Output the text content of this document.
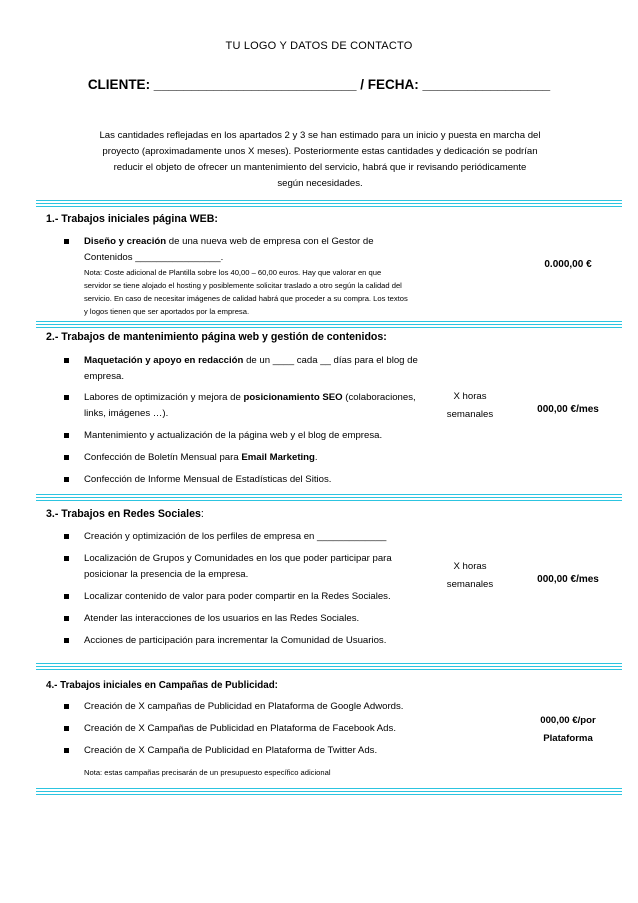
TU LOGO Y DATOS DE CONTACTO
CLIENTE: ___________________________ / FECHA: _________________
Las cantidades reflejadas en los apartados 2 y 3 se han estimado para un inicio y puesta en marcha del
proyecto (aproximadamente unos X meses). Posteriormente estas cantidades y dedicación se podrían
reducir el objeto de ofrecer un mantenimiento del servicio, habrá que ir revisando periódicamente
según necesidades.
1.- Trabajos iniciales página WEB:
Diseño y creación de una nueva web de empresa con el Gestor de Contenidos ________________.
Nota: Coste adicional de Plantilla sobre los 40,00 – 60,00 euros. Hay que valorar en que
servidor se tiene alojado el hosting y posiblemente solicitar traslado a otro según la calidad del
servicio. En caso de necesitar imágenes de calidad habrá que proceder a su compra. Los textos
y logos tienen que ser aportados por la empresa.
0.000,00 €
2.- Trabajos de mantenimiento página web y gestión de contenidos:
Maquetación y apoyo en redacción de un ____ cada __ días para el blog de empresa.
Labores de optimización y mejora de posicionamiento SEO (colaboraciones, links, imágenes …).
Mantenimiento y actualización de la página web y el blog de empresa.
Confección de Boletín Mensual para Email Marketing.
Confección de Informe Mensual de Estadísticas del Sitios.
X horas
semanales	000,00 €/mes
3.- Trabajos en Redes Sociales:
Creación y optimización de los perfiles de empresa en _____________
Localización de Grupos y Comunidades en los que poder participar para posicionar la presencia de la empresa.
Localizar contenido de valor para poder compartir en la Redes Sociales.
Atender las interacciones de los usuarios en las Redes Sociales.
Acciones de participación para incrementar la Comunidad de Usuarios.
X horas
semanales	000,00 €/mes
4.- Trabajos iniciales en Campañas de Publicidad:
Creación de X campañas de Publicidad en Plataforma de Google Adwords.
Creación de X Campañas de Publicidad en Plataforma de Facebook Ads.
Creación de X Campaña de Publicidad en Plataforma de Twitter Ads.
Nota: estas campañas precisarán de un presupuesto específico adicional
000,00 €/por
Plataforma
